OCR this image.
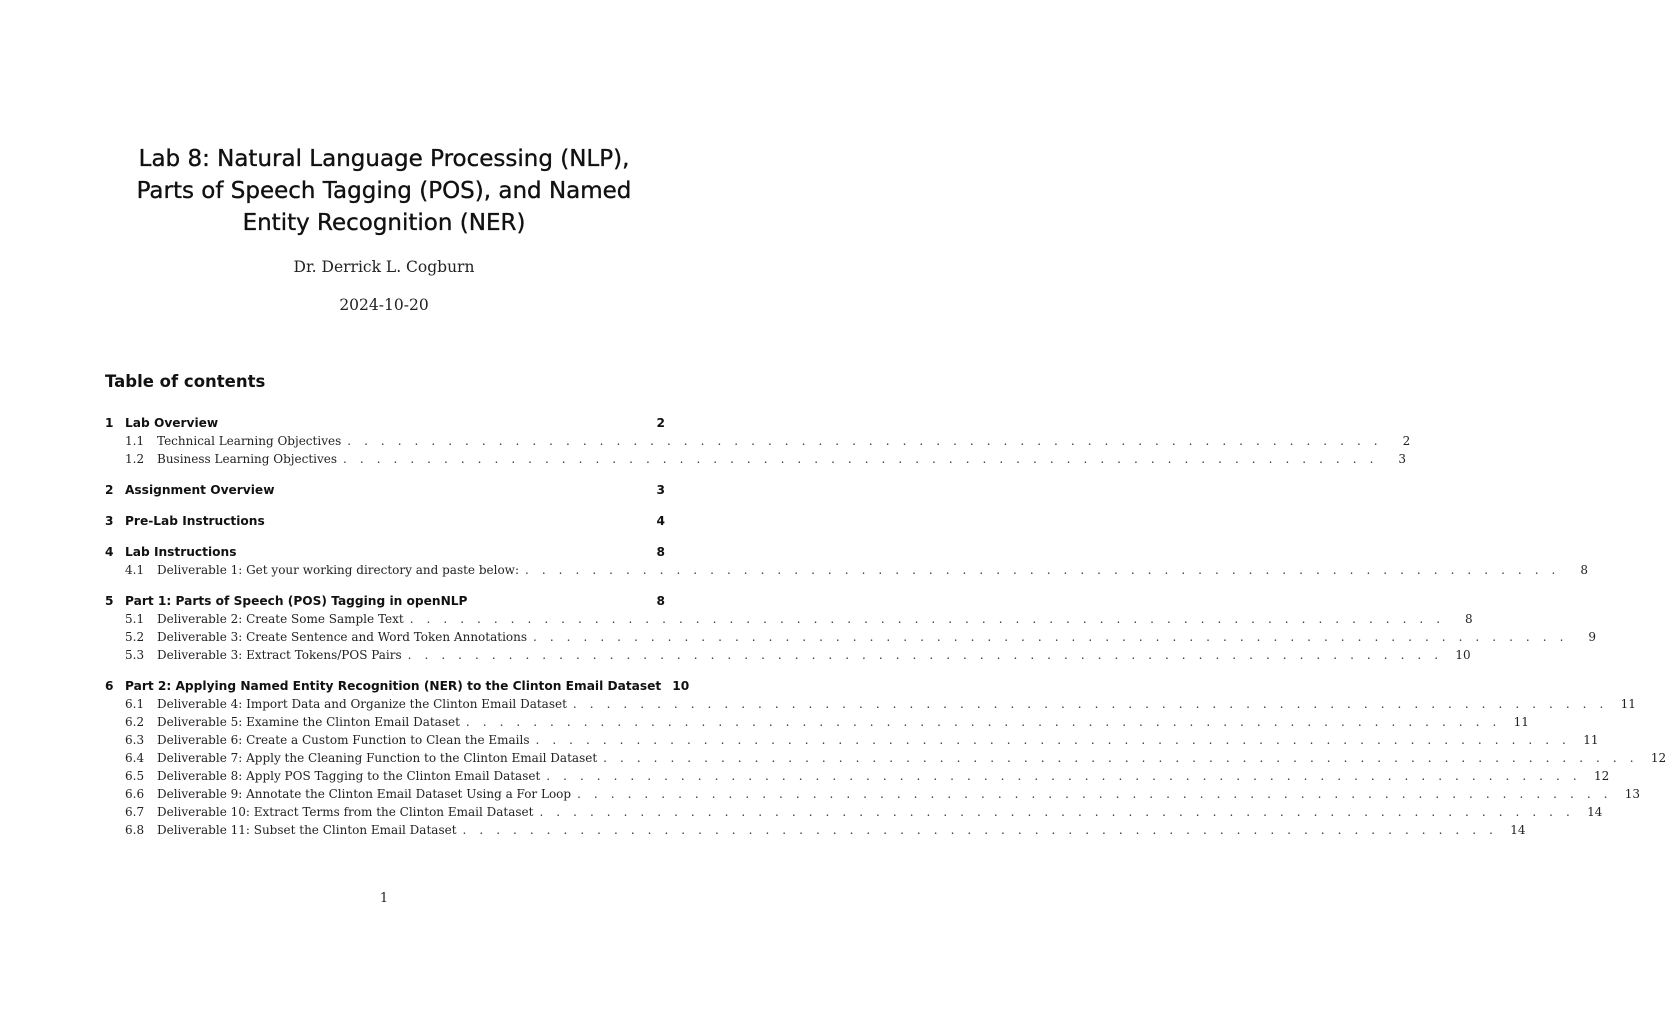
Lab 8: Natural Language Processing (NLP),
Parts of Speech Tagging (POS), and Named
Entity Recognition (NER)
Dr. Derrick L. Cogburn
2024-10-20
Table of contents
1 Lab Overview	2
1.1	Technical Learning Objectives . . . . . . . . . . . . . . . . . . . . . . . . . . . . . . . . . . . . . . . . . . . . . . . . . . . . . . . . . . . . . .	2
1.2	Business Learning Objectives . . . . . . . . . . . . . . . . . . . . . . . . . . . . . . . . . . . . . . . . . . . . . . . . . . . . . . . . . . . . . .	3
2 Assignment Overview	3
3 Pre-Lab Instructions	4
4 Lab Instructions	8
4.1	Deliverable 1: Get your working directory and paste below: . . . . . . . . . . . . . . . . . . . . . . . . . . . . . . . . . . . . . . . . . . . . . . . . . . . . . . . . . . . . . .	8
5 Part 1: Parts of Speech (POS) Tagging in openNLP	8
5.1	Deliverable 2: Create Some Sample Text . . . . . . . . . . . . . . . . . . . . . . . . . . . . . . . . . . . . . . . . . . . . . . . . . . . . . . . . . . . . . .	8
5.2	Deliverable 3: Create Sentence and Word Token Annotations . . . . . . . . . . . . . . . . . . . . . . . . . . . . . . . . . . . . . . . . . . . . . . . . . . . . . . . . . . . . . .	9
5.3	Deliverable 3: Extract Tokens/POS Pairs . . . . . . . . . . . . . . . . . . . . . . . . . . . . . . . . . . . . . . . . . . . . . . . . . . . . . . . . . . . . . .	10
6 Part 2: Applying Named Entity Recognition (NER) to the Clinton Email Dataset 10
6.1	Deliverable 4: Import Data and Organize the Clinton Email Dataset . . . . . . . . . . . . . . . . . . . . . . . . . . . . . . . . . . . . . . . . . . . . . . . . . . . . . . . . . . . . . .	11
6.2	Deliverable 5: Examine the Clinton Email Dataset . . . . . . . . . . . . . . . . . . . . . . . . . . . . . . . . . . . . . . . . . . . . . . . . . . . . . . . . . . . . . .	11
6.3	Deliverable 6: Create a Custom Function to Clean the Emails . . . . . . . . . . . . . . . . . . . . . . . . . . . . . . . . . . . . . . . . . . . . . . . . . . . . . . . . . . . . . .	11
6.4	Deliverable 7: Apply the Cleaning Function to the Clinton Email Dataset . . . . . . . . . . . . . . . . . . . . . . . . . . . . . . . . . . . . . . . . . . . . . . . . . . . . . . . . . . . . . .	12
6.5	Deliverable 8: Apply POS Tagging to the Clinton Email Dataset . . . . . . . . . . . . . . . . . . . . . . . . . . . . . . . . . . . . . . . . . . . . . . . . . . . . . . . . . . . . . .	12
6.6	Deliverable 9: Annotate the Clinton Email Dataset Using a For Loop . . . . . . . . . . . . . . . . . . . . . . . . . . . . . . . . . . . . . . . . . . . . . . . . . . . . . . . . . . . . . .	13
6.7	Deliverable 10: Extract Terms from the Clinton Email Dataset . . . . . . . . . . . . . . . . . . . . . . . . . . . . . . . . . . . . . . . . . . . . . . . . . . . . . . . . . . . . . .	14
6.8	Deliverable 11: Subset the Clinton Email Dataset . . . . . . . . . . . . . . . . . . . . . . . . . . . . . . . . . . . . . . . . . . . . . . . . . . . . . . . . . . . . . .	14
1
